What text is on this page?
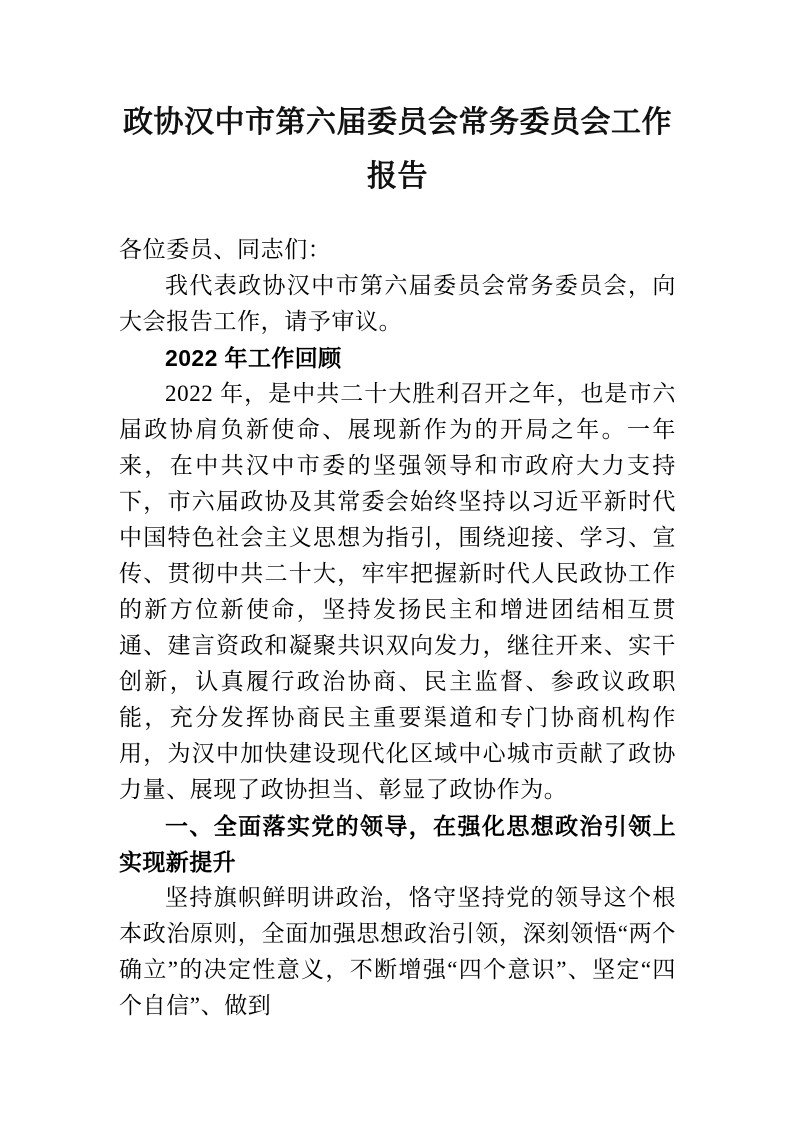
政协汉中市第六届委员会常务委员会工作
报告

各位委员、同志们：

我代表政协汉中市第六届委员会常务委员会，向大会报告工作，请予审议。

2022 年工作回顾

2022 年，是中共二十大胜利召开之年，也是市六届政协肩负新使命、展现新作为的开局之年。一年来，在中共汉中市委的坚强领导和市政府大力支持下，市六届政协及其常委会始终坚持以习近平新时代中国特色社会主义思想为指引，围绕迎接、学习、宣传、贯彻中共二十大，牢牢把握新时代人民政协工作的新方位新使命，坚持发扬民主和增进团结相互贯通、建言资政和凝聚共识双向发力，继往开来、实干创新，认真履行政治协商、民主监督、参政议政职能，充分发挥协商民主重要渠道和专门协商机构作用，为汉中加快建设现代化区域中心城市贡献了政协力量、展现了政协担当、彰显了政协作为。

一、全面落实党的领导，在强化思想政治引领上实现新提升

坚持旗帜鲜明讲政治，恪守坚持党的领导这个根本政治原则，全面加强思想政治引领，深刻领悟“两个确立”的决定性意义，不断增强“四个意识”、坚定“四个自信”、做到
